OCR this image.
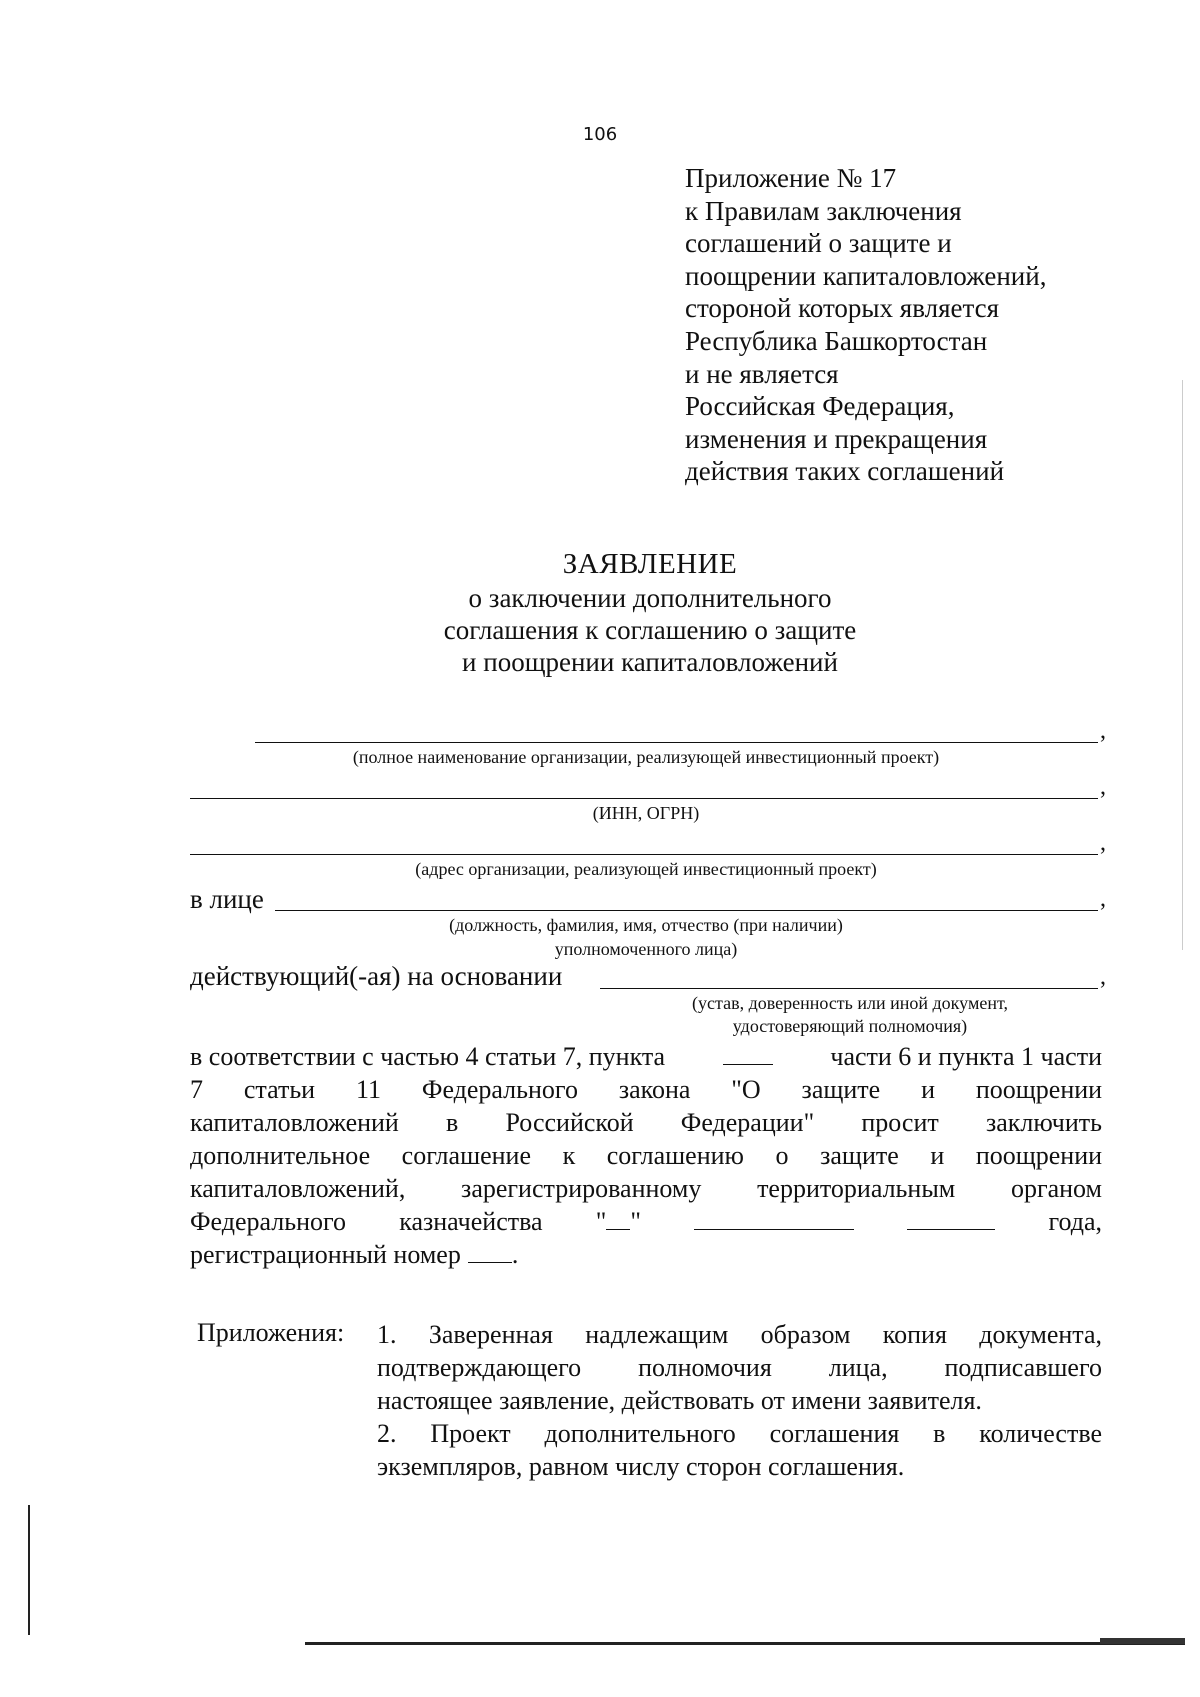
106
Приложение № 17
к Правилам заключения
соглашений о защите и
поощрении капиталовложений,
стороной которых является
Республика Башкортостан
и не является
Российская Федерация,
изменения и прекращения
действия таких соглашений
ЗАЯВЛЕНИЕ
о заключении дополнительного
соглашения к соглашению о защите
и поощрении капиталовложений
,
(полное наименование организации, реализующей инвестиционный проект)
,
(ИНН, ОГРН)
,
(адрес организации, реализующей инвестиционный проект)
в лице	,
(должность, фамилия, имя, отчество (при наличии)
уполномоченного лица)
действующий(-ая) на основании	,
(устав, доверенность или иной документ,
удостоверяющий полномочия)
в соответствии с частью 4 статьи 7, пункта	части 6 и пункта 1 части
7 статьи 11 Федерального закона "О защите и поощрении
капиталовложений в Российской Федерации" просит заключить
дополнительное соглашение к соглашению о защите и поощрении
капиталовложений, зарегистрированному территориальным органом
Федерального казначейства " "	года,
регистрационный номер .
Приложения: 1. Заверенная надлежащим образом копия документа,
подтверждающего полномочия лица, подписавшего
настоящее заявление, действовать от имени заявителя.
2. Проект дополнительного соглашения в количестве
экземпляров, равном числу сторон соглашения.
